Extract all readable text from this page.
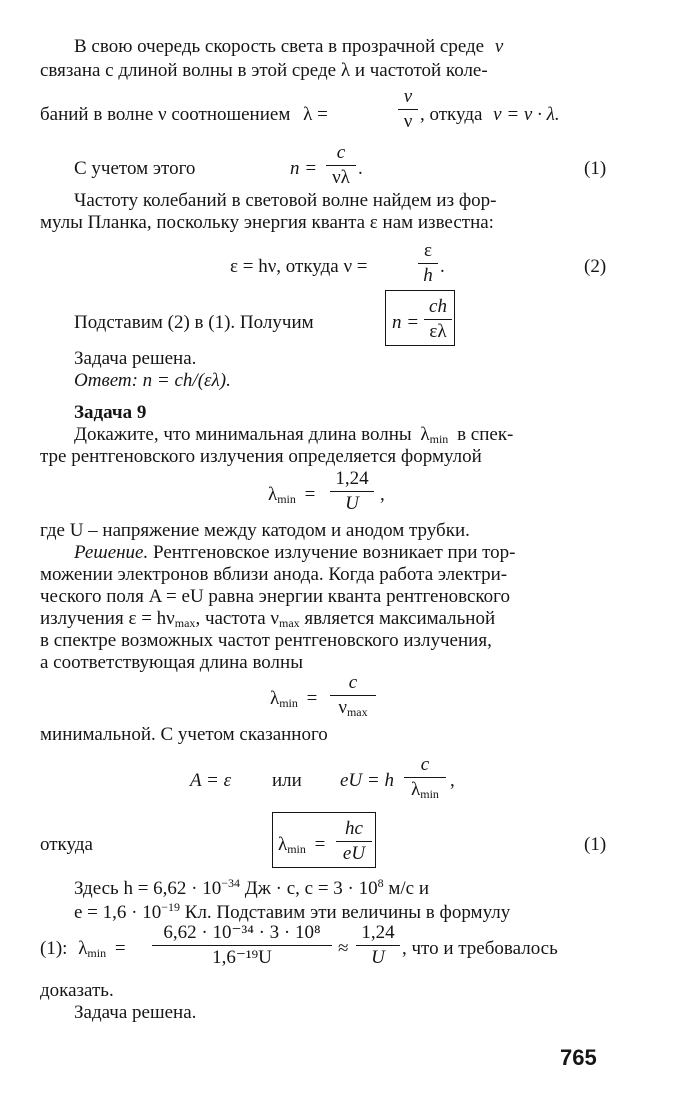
В свою очередь скорость света в прозрачной среде v
связана с длиной волны в этой среде λ и частотой коле-
баний в волне ν соотношением λ =
v
ν , откуда v = ν · λ.
С учетом этого	n =
c
νλ .	(1)
Частоту колебаний в световой волне найдем из фор-
мулы Планка, поскольку энергия кванта ε нам известна:
ε = hν, откуда ν =
ε
h .	(2)
Подставим (2) в (1). Получим	n =
ch
ελ
Задача решена.
Ответ: n = ch/(ελ).
Задача 9
Докажите, что минимальная длина волны $\lambda_{min}$ в спек-
тре рентгеновского излучения определяется формулой
$\lambda_{min}$ =
1,24
U	,
где U – напряжение между катодом и анодом трубки.
Решение. Рентгеновское излучение возникает при тор-
можении электронов вблизи анода. Когда работа электри-
ческого поля A = eU равна энергии кванта рентгеновского
излучения $\varepsilon = h\nu_{max}$, частота $\nu_{max}$ является максимальной
в спектре возможных частот рентгеновского излучения,
а соответствующая длина волны
$\lambda_{min}$ =
c
$\nu_{max}$
минимальной. С учетом сказанного
A = ε или eU = h
c
$\lambda_{min}$
,
откуда	$\lambda_{min}$ =
hc
eU	(1)
Здесь $h = 6,62 \cdot 10^{-34}$ Дж · с, $c = 3 \cdot 10^8$ м/с и
$e = 1,6 \cdot 10^{-19}$ Кл. Подставим эти величины в формулу
(1): $\lambda_{min}$ =
6,62 · 10⁻³⁴ · 3 · 10⁸
1,6⁻¹⁹U	≈
1,24
U , что и требовалось
доказать.
Задача решена.
765
